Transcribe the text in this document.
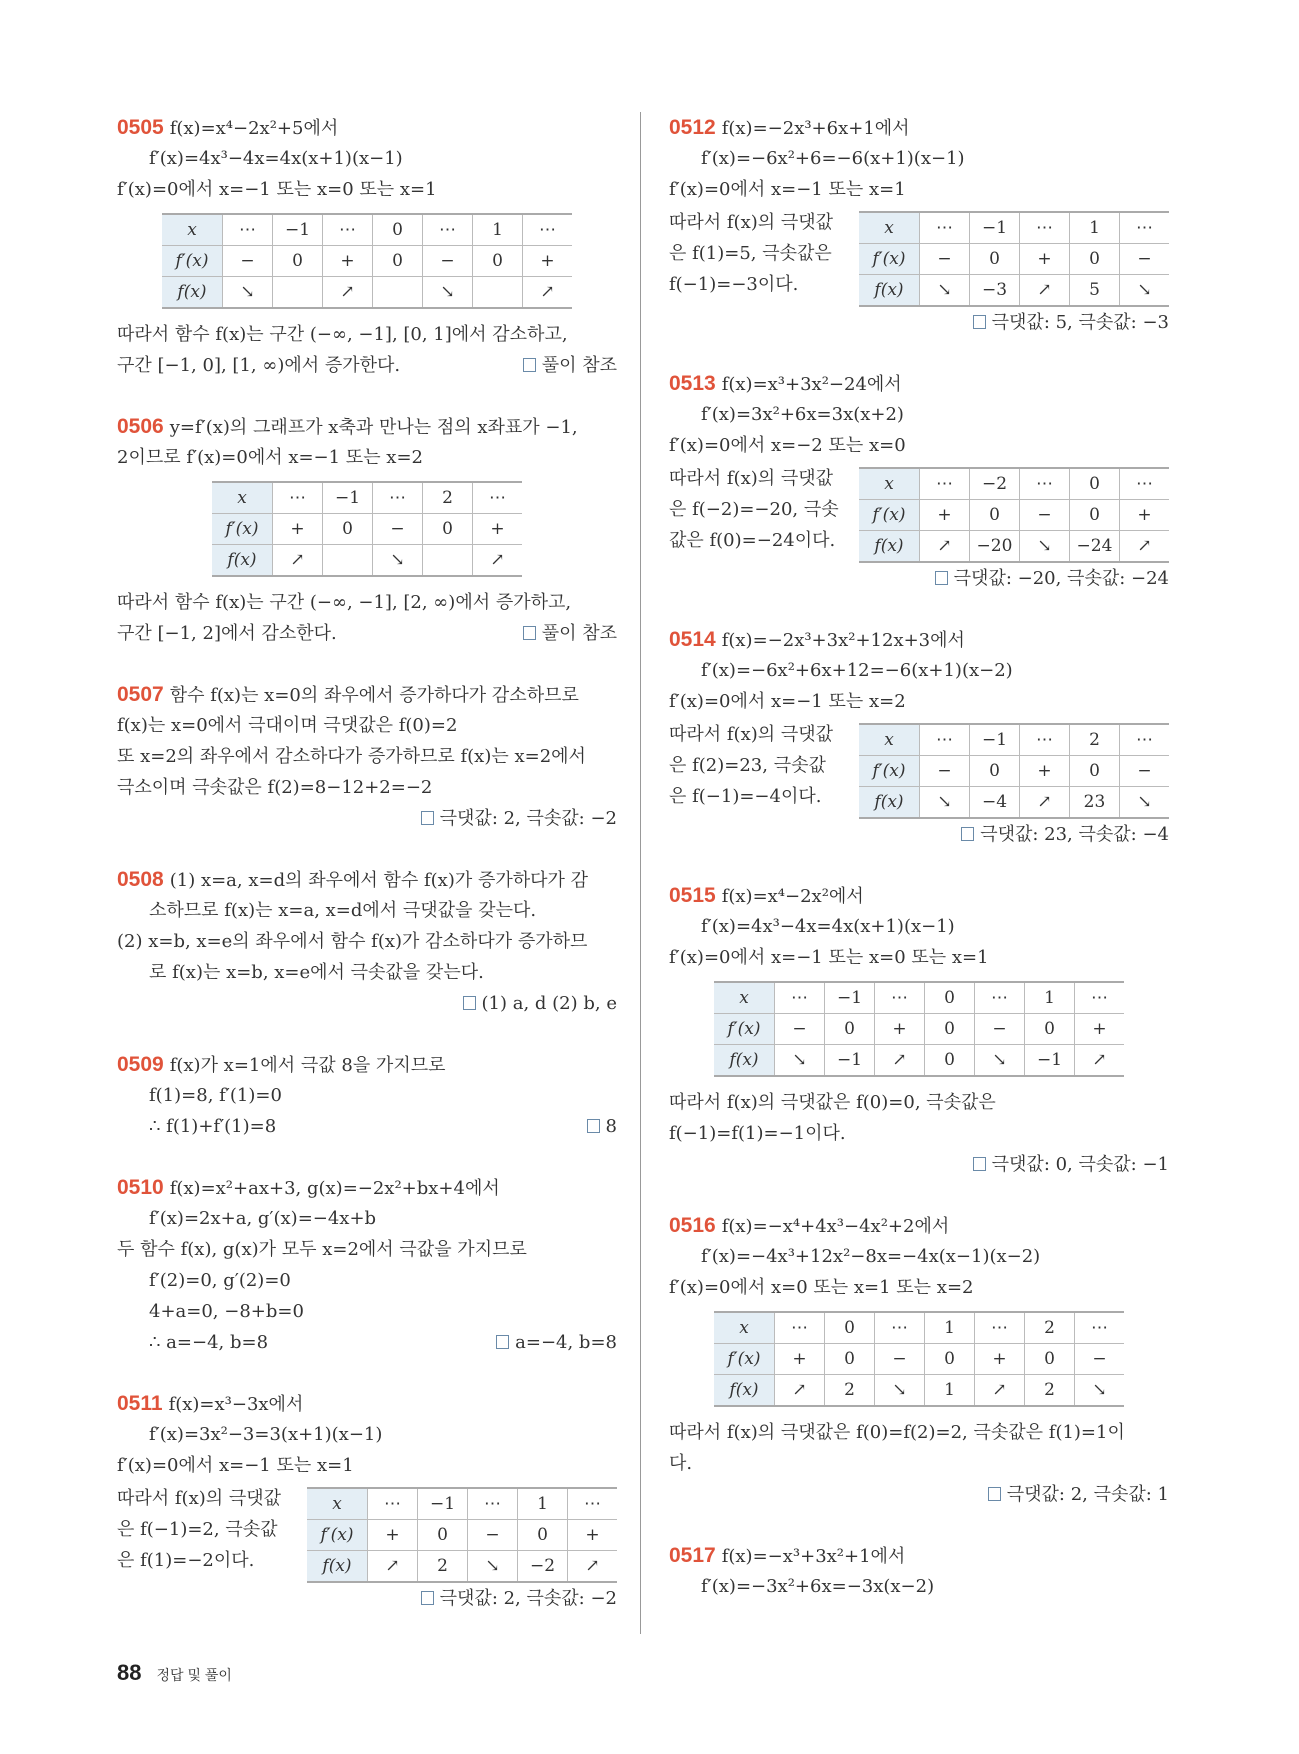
0505 f(x)=x⁴−2x²+5에서
f′(x)=4x³−4x=4x(x+1)(x−1)
f′(x)=0에서 x=−1 또는 x=0 또는 x=1
x	⋯	−1	⋯	0	⋯	1	⋯
f′(x)	−	0	+	0	−	0	+
f(x)	↘		↗		↘		↗
따라서 함수 f(x)는 구간 (−∞, −1], [0, 1]에서 감소하고,
구간 [−1, 0], [1, ∞)에서 증가한다.	풀이 참조
0506 y=f′(x)의 그래프가 x축과 만나는 점의 x좌표가 −1,
2이므로 f′(x)=0에서 x=−1 또는 x=2
x	⋯	−1	⋯	2	⋯
f′(x)	+	0	−	0	+
f(x)	↗		↘		↗
따라서 함수 f(x)는 구간 (−∞, −1], [2, ∞)에서 증가하고,
구간 [−1, 2]에서 감소한다.	풀이 참조
0507 함수 f(x)는 x=0의 좌우에서 증가하다가 감소하므로
f(x)는 x=0에서 극대이며 극댓값은 f(0)=2
또 x=2의 좌우에서 감소하다가 증가하므로 f(x)는 x=2에서
극소이며 극솟값은 f(2)=8−12+2=−2
극댓값: 2, 극솟값: −2
0508 (1) x=a, x=d의 좌우에서 함수 f(x)가 증가하다가 감
소하므로 f(x)는 x=a, x=d에서 극댓값을 갖는다.
(2) x=b, x=e의 좌우에서 함수 f(x)가 감소하다가 증가하므
로 f(x)는 x=b, x=e에서 극솟값을 갖는다.
(1) a, d (2) b, e
0509 f(x)가 x=1에서 극값 8을 가지므로
f(1)=8, f′(1)=0
∴ f(1)+f′(1)=8	8
0510 f(x)=x²+ax+3, g(x)=−2x²+bx+4에서
f′(x)=2x+a, g′(x)=−4x+b
두 함수 f(x), g(x)가 모두 x=2에서 극값을 가지므로
f′(2)=0, g′(2)=0
4+a=0, −8+b=0
∴ a=−4, b=8	a=−4, b=8
0511 f(x)=x³−3x에서
f′(x)=3x²−3=3(x+1)(x−1)
f′(x)=0에서 x=−1 또는 x=1
따라서 f(x)의 극댓값
은 f(−1)=2, 극솟값
은 f(1)=−2이다.
x	⋯	−1	⋯	1	⋯
f′(x)	+	0	−	0	+
f(x)	↗	2	↘	−2	↗
극댓값: 2, 극솟값: −2
0512 f(x)=−2x³+6x+1에서
f′(x)=−6x²+6=−6(x+1)(x−1)
f′(x)=0에서 x=−1 또는 x=1
따라서 f(x)의 극댓값
은 f(1)=5, 극솟값은
f(−1)=−3이다.
x	⋯	−1	⋯	1	⋯
f′(x)	−	0	+	0	−
f(x)	↘	−3	↗	5	↘
극댓값: 5, 극솟값: −3
0513 f(x)=x³+3x²−24에서
f′(x)=3x²+6x=3x(x+2)
f′(x)=0에서 x=−2 또는 x=0
따라서 f(x)의 극댓값
은 f(−2)=−20, 극솟
값은 f(0)=−24이다.
x	⋯	−2	⋯	0	⋯
f′(x)	+	0	−	0	+
f(x)	↗	−20	↘	−24	↗
극댓값: −20, 극솟값: −24
0514 f(x)=−2x³+3x²+12x+3에서
f′(x)=−6x²+6x+12=−6(x+1)(x−2)
f′(x)=0에서 x=−1 또는 x=2
따라서 f(x)의 극댓값
은 f(2)=23, 극솟값
은 f(−1)=−4이다.
x	⋯	−1	⋯	2	⋯
f′(x)	−	0	+	0	−
f(x)	↘	−4	↗	23	↘
극댓값: 23, 극솟값: −4
0515 f(x)=x⁴−2x²에서
f′(x)=4x³−4x=4x(x+1)(x−1)
f′(x)=0에서 x=−1 또는 x=0 또는 x=1
x	⋯	−1	⋯	0	⋯	1	⋯
f′(x)	−	0	+	0	−	0	+
f(x)	↘	−1	↗	0	↘	−1	↗
따라서 f(x)의 극댓값은 f(0)=0, 극솟값은
f(−1)=f(1)=−1이다.
극댓값: 0, 극솟값: −1
0516 f(x)=−x⁴+4x³−4x²+2에서
f′(x)=−4x³+12x²−8x=−4x(x−1)(x−2)
f′(x)=0에서 x=0 또는 x=1 또는 x=2
x	⋯	0	⋯	1	⋯	2	⋯
f′(x)	+	0	−	0	+	0	−
f(x)	↗	2	↘	1	↗	2	↘
따라서 f(x)의 극댓값은 f(0)=f(2)=2, 극솟값은 f(1)=1이
다.
극댓값: 2, 극솟값: 1
0517 f(x)=−x³+3x²+1에서
f′(x)=−3x²+6x=−3x(x−2)
88 정답 및 풀이
